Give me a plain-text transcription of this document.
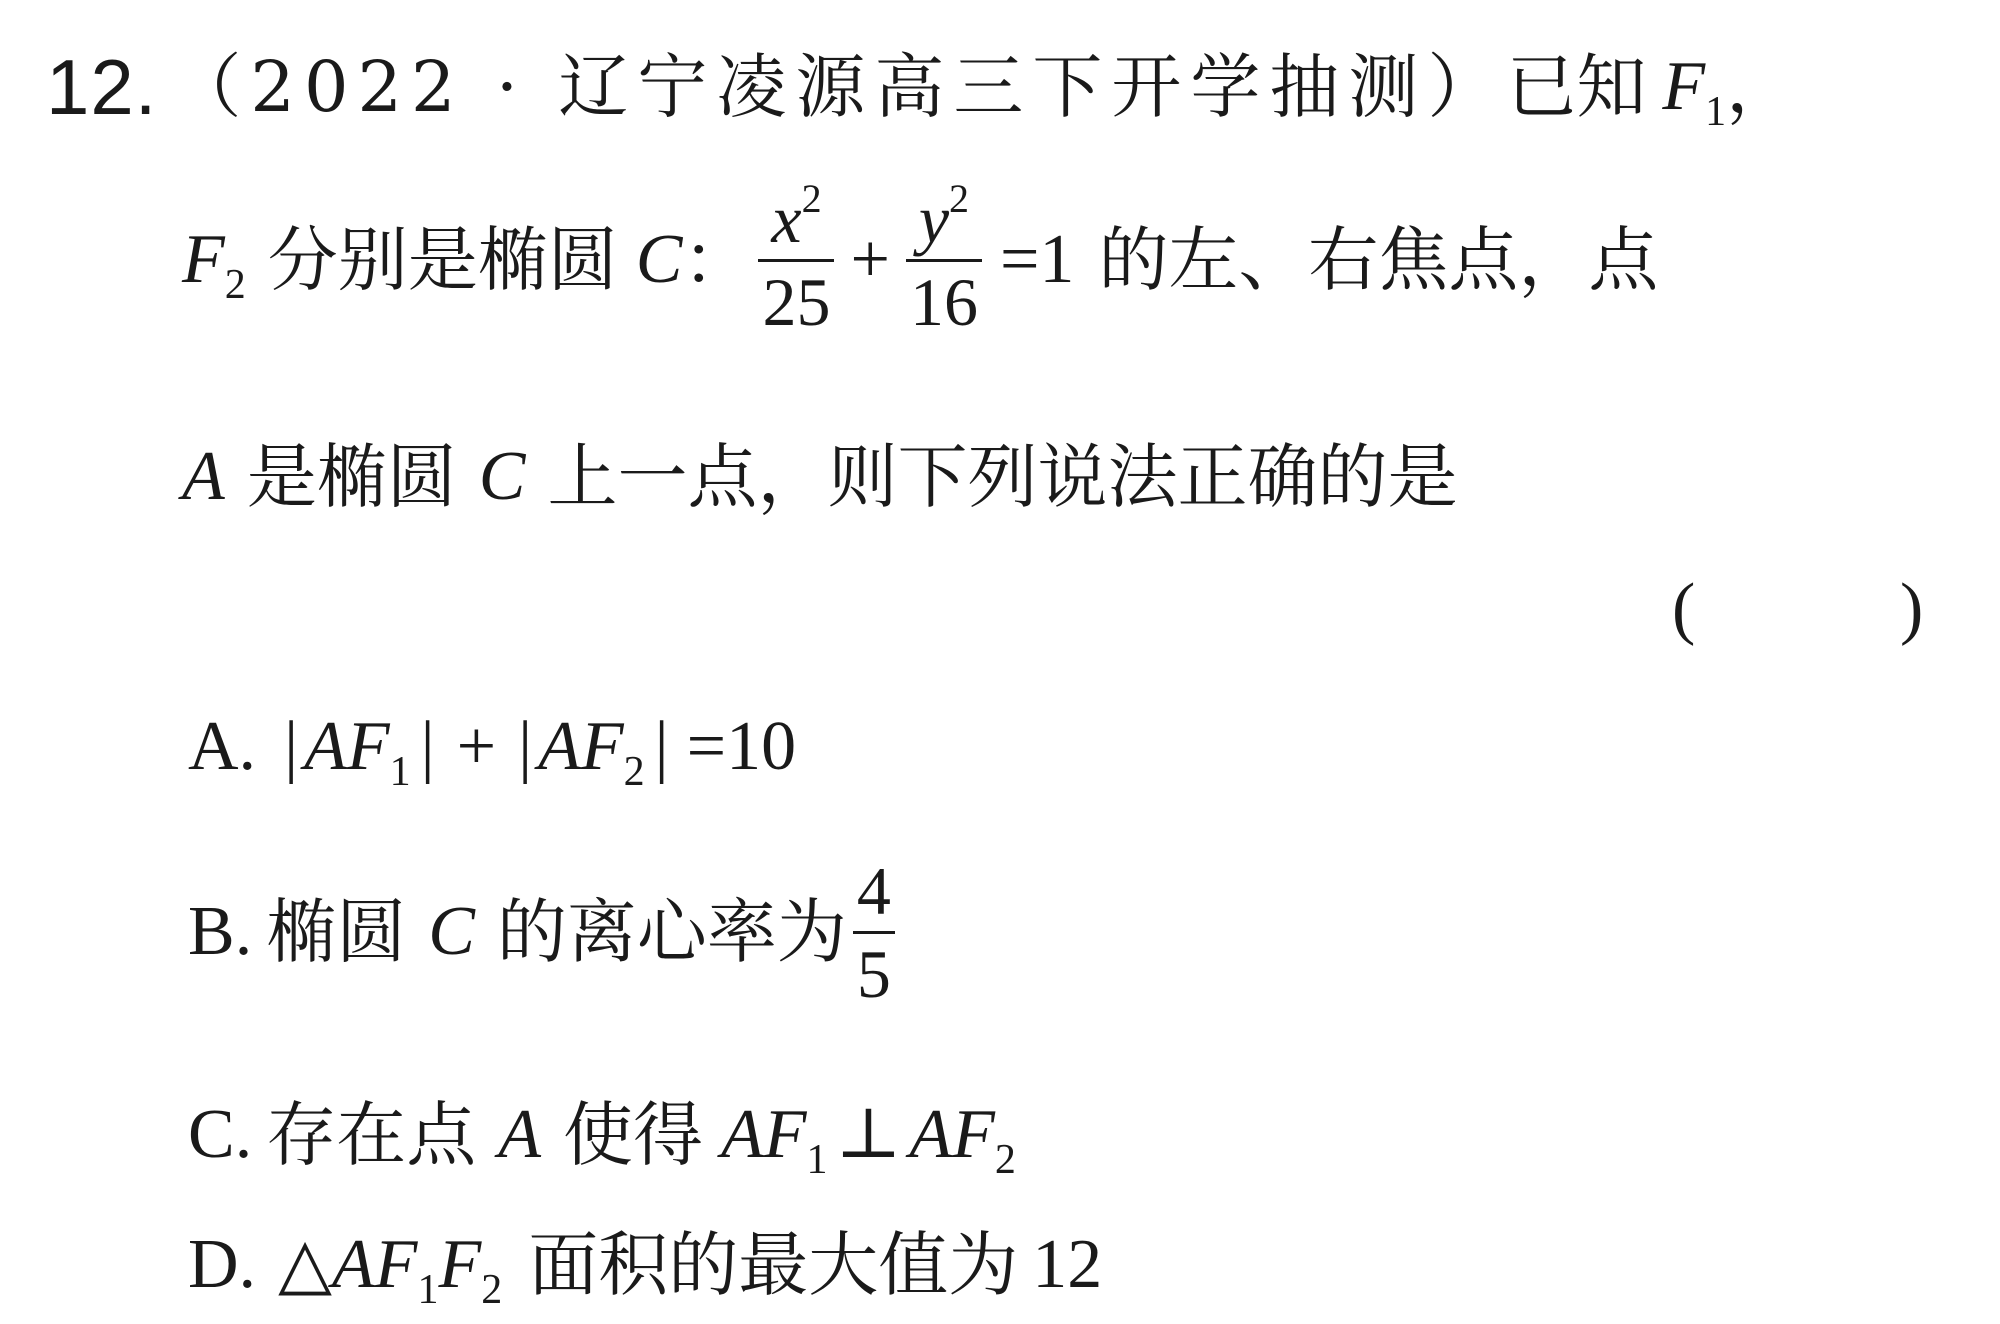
12. （2022 · 辽宁凌源高三下开学抽测） 已知 $F_1$ ，
$F_2$ 分别是椭圆 C ： $\frac{x^2}{25} + \frac{y^2}{16} =1$ 的左、右焦点，点
A 是椭圆 C 上一点，则下列说法正确的是
(	)
A. | $AF_1$ | + | $AF_2$ | =10
B. 椭圆 C 的离心率为 $\frac{4}{5}$
C. 存在点 A 使得 $AF_1$ ⊥ $AF_2$
D. △ $AF_1F_2$ 面积的最大值为 12
